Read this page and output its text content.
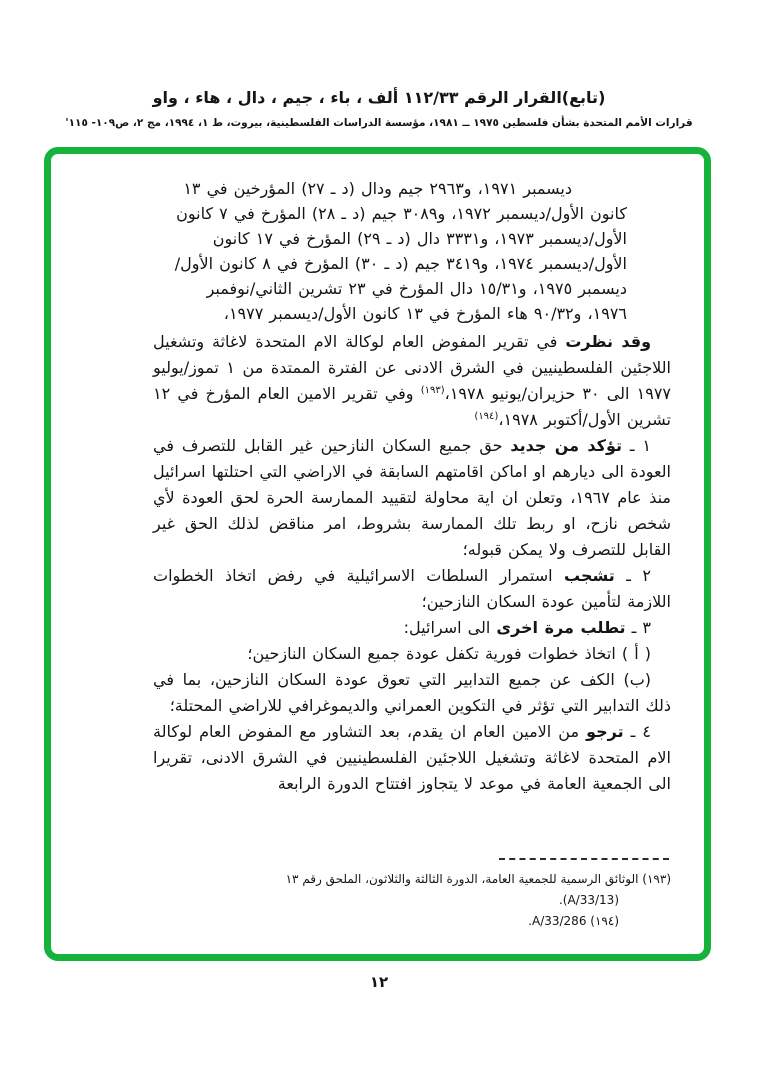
(تابع)القرار الرقم ١١٢/٣٣ ألف ، باء ، جيم ، دال ، هاء ، واو
قرارات الأمم المتحدة بشأن فلسطين ١٩٧٥ ــ ١٩٨١، مؤسسة الدراسات الفلسطينية، بيروت، ط ١، ١٩٩٤، مج ٢، ص١٠٩- ١١٥'

ديسمبر ١٩٧١، و٢٩٦٣ جيم ودال (د ـ ٢٧) المؤرخين في ١٣ كانون الأول/ديسمبر ١٩٧٢، و٣٠٨٩ جيم (د ـ ٢٨) المؤرخ في ٧ كانون الأول/ديسمبر ١٩٧٣، و٣٣٣١ دال (د ـ ٢٩) المؤرخ في ١٧ كانون الأول/ديسمبر ١٩٧٤، و٣٤١٩ جيم (د ـ ٣٠) المؤرخ في ٨ كانون الأول/ديسمبر ١٩٧٥، و١٥/٣١ دال المؤرخ في ٢٣ تشرين الثاني/نوفمبر ١٩٧٦، و٩٠/٣٢ هاء المؤرخ في ١٣ كانون الأول/ديسمبر ١٩٧٧،

وقد نظرت في تقرير المفوض العام لوكالة الام المتحدة لاغاثة وتشغيل اللاجئين الفلسطينيين في الشرق الادنى عن الفترة الممتدة من ١ تموز/يوليو ١٩٧٧ الى ٣٠ حزيران/يونيو ١٩٧٨،$^{(١٩٣)}$ وفي تقرير الامين العام المؤرخ في ١٢ تشرين الأول/أكتوبر ١٩٧٨،$^{(١٩٤)}$

١ ـ تؤكد من جديد حق جميع السكان النازحين غير القابل للتصرف في العودة الى ديارهم او اماكن اقامتهم السابقة في الاراضي التي احتلتها اسرائيل منذ عام ١٩٦٧، وتعلن ان اية محاولة لتقييد الممارسة الحرة لحق العودة لأي شخص نازح، او ربط تلك الممارسة بشروط، امر مناقض لذلك الحق غير القابل للتصرف ولا يمكن قبوله؛

٢ ـ تشجب استمرار السلطات الاسرائيلية في رفض اتخاذ الخطوات اللازمة لتأمين عودة السكان النازحين؛

٣ ـ تطلب مرة اخرى الى اسرائيل:

( أ ) اتخاذ خطوات فورية تكفل عودة جميع السكان النازحين؛

(ب) الكف عن جميع التدابير التي تعوق عودة السكان النازحين، بما في ذلك التدابير التي تؤثر في التكوين العمراني والديموغرافي للاراضي المحتلة؛

٤ ـ ترجو من الامين العام ان يقدم، بعد التشاور مع المفوض العام لوكالة الام المتحدة لاغاثة وتشغيل اللاجئين الفلسطينيين في الشرق الادنى، تقريرا الى الجمعية العامة في موعد لا يتجاوز افتتاح الدورة الرابعة

(١٩٣) الوثائق الرسمية للجمعية العامة، الدورة الثالثة والثلاثون، الملحق رقم ١٣

(A/33/13).

(١٩٤) A/33/286.

١٢
